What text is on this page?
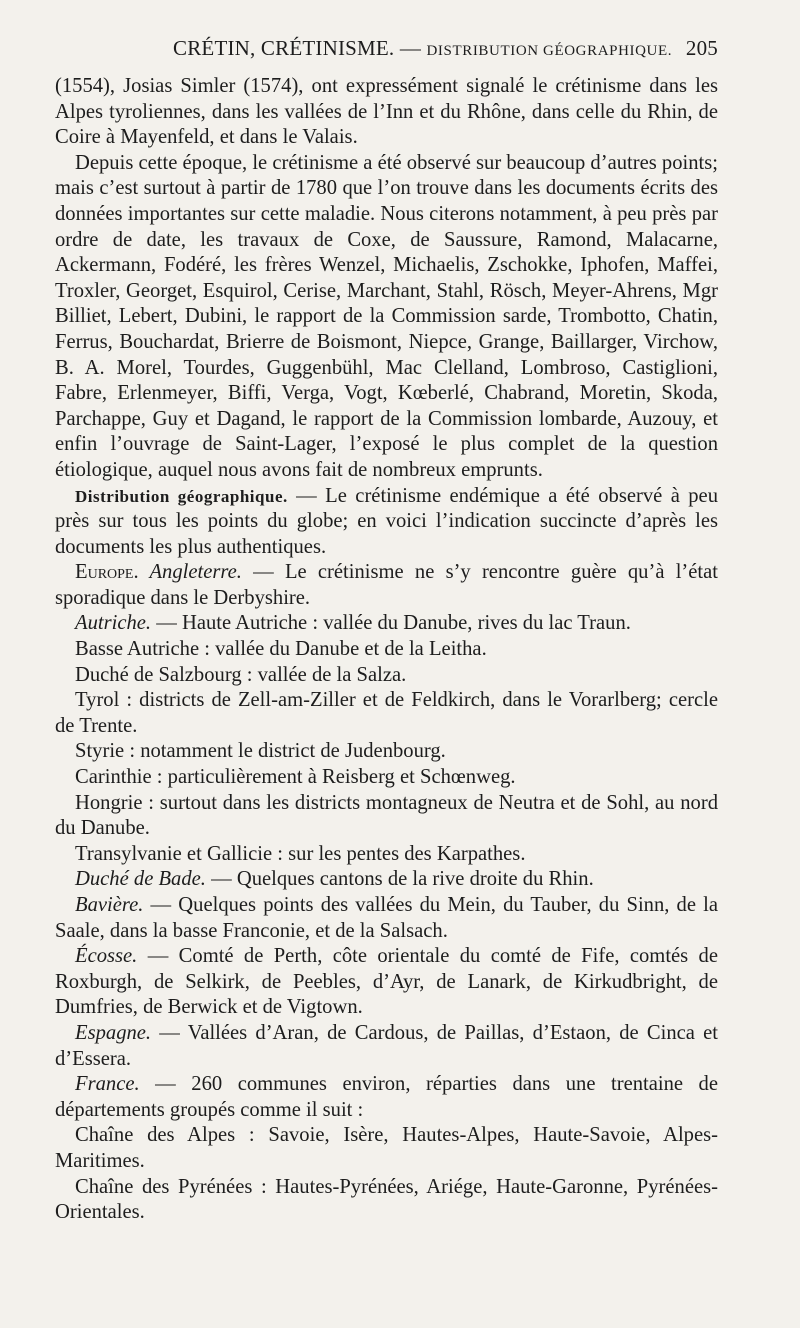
CRÉTIN, CRÉTINISME. — DISTRIBUTION GÉOGRAPHIQUE. 205

(1554), Josias Simler (1574), ont expressément signalé le crétinisme dans les Alpes tyroliennes, dans les vallées de l’Inn et du Rhône, dans celle du Rhin, de Coire à Mayenfeld, et dans le Valais.

Depuis cette époque, le crétinisme a été observé sur beaucoup d’autres points; mais c’est surtout à partir de 1780 que l’on trouve dans les documents écrits des données importantes sur cette maladie. Nous citerons notamment, à peu près par ordre de date, les travaux de Coxe, de Saussure, Ramond, Malacarne, Ackermann, Fodéré, les frères Wenzel, Michaelis, Zschokke, Iphofen, Maffei, Troxler, Georget, Esquirol, Cerise, Marchant, Stahl, Rösch, Meyer-Ahrens, Mgr Billiet, Lebert, Dubini, le rapport de la Commission sarde, Trombotto, Chatin, Ferrus, Bouchardat, Brierre de Boismont, Niepce, Grange, Baillarger, Virchow, B. A. Morel, Tourdes, Guggenbühl, Mac Clelland, Lombroso, Castiglioni, Fabre, Erlenmeyer, Biffi, Verga, Vogt, Kœberlé, Chabrand, Moretin, Skoda, Parchappe, Guy et Dagand, le rapport de la Commission lombarde, Auzouy, et enfin l’ouvrage de Saint-Lager, l’exposé le plus complet de la question étiologique, auquel nous avons fait de nombreux emprunts.

Distribution géographique. — Le crétinisme endémique a été observé à peu près sur tous les points du globe; en voici l’indication succincte d’après les documents les plus authentiques.

Europe. Angleterre. — Le crétinisme ne s’y rencontre guère qu’à l’état sporadique dans le Derbyshire.

Autriche. — Haute Autriche : vallée du Danube, rives du lac Traun.

Basse Autriche : vallée du Danube et de la Leitha.

Duché de Salzbourg : vallée de la Salza.

Tyrol : districts de Zell-am-Ziller et de Feldkirch, dans le Vorarlberg; cercle de Trente.

Styrie : notamment le district de Judenbourg.

Carinthie : particulièrement à Reisberg et Schœnweg.

Hongrie : surtout dans les districts montagneux de Neutra et de Sohl, au nord du Danube.

Transylvanie et Gallicie : sur les pentes des Karpathes.

Duché de Bade. — Quelques cantons de la rive droite du Rhin.

Bavière. — Quelques points des vallées du Mein, du Tauber, du Sinn, de la Saale, dans la basse Franconie, et de la Salsach.

Écosse. — Comté de Perth, côte orientale du comté de Fife, comtés de Roxburgh, de Selkirk, de Peebles, d’Ayr, de Lanark, de Kirkudbright, de Dumfries, de Berwick et de Vigtown.

Espagne. — Vallées d’Aran, de Cardous, de Paillas, d’Estaon, de Cinca et d’Essera.

France. — 260 communes environ, réparties dans une trentaine de départements groupés comme il suit :

Chaîne des Alpes : Savoie, Isère, Hautes-Alpes, Haute-Savoie, Alpes-Maritimes.

Chaîne des Pyrénées : Hautes-Pyrénées, Ariége, Haute-Garonne, Pyrénées-Orientales.
